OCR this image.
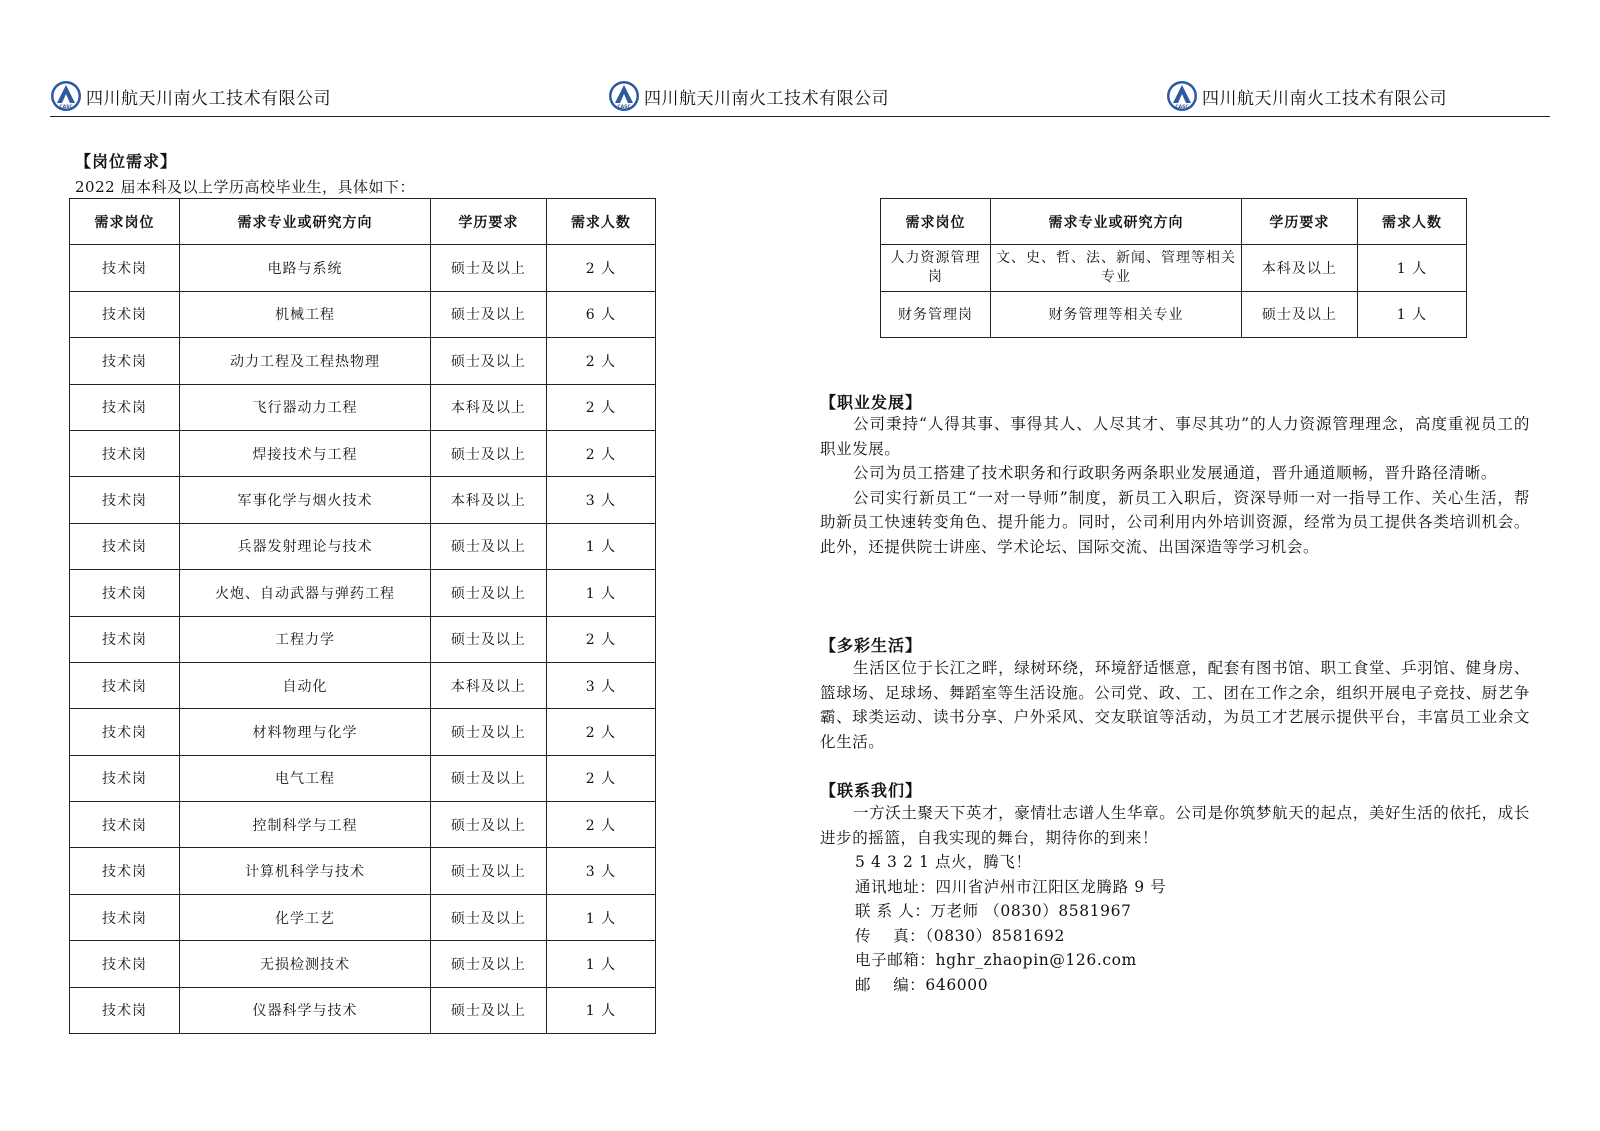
CASC 四川航天川南火工技术有限公司	CASC 四川航天川南火工技术有限公司	CASC 四川航天川南火工技术有限公司
【岗位需求】
2022 届本科及以上学历高校毕业生，具体如下：
需求岗位	需求专业或研究方向	学历要求	需求人数
技术岗	电路与系统	硕士及以上	2 人
技术岗	机械工程	硕士及以上	6 人
技术岗	动力工程及工程热物理	硕士及以上	2 人
技术岗	飞行器动力工程	本科及以上	2 人
技术岗	焊接技术与工程	硕士及以上	2 人
技术岗	军事化学与烟火技术	本科及以上	3 人
技术岗	兵器发射理论与技术	硕士及以上	1 人
技术岗	火炮、自动武器与弹药工程	硕士及以上	1 人
技术岗	工程力学	硕士及以上	2 人
技术岗	自动化	本科及以上	3 人
技术岗	材料物理与化学	硕士及以上	2 人
技术岗	电气工程	硕士及以上	2 人
技术岗	控制科学与工程	硕士及以上	2 人
技术岗	计算机科学与技术	硕士及以上	3 人
技术岗	化学工艺	硕士及以上	1 人
技术岗	无损检测技术	硕士及以上	1 人
技术岗	仪器科学与技术	硕士及以上	1 人
需求岗位	需求专业或研究方向	学历要求	需求人数
人力资源管理岗	文、史、哲、法、新闻、管理等相关专业	本科及以上	1 人
财务管理岗	财务管理等相关专业	硕士及以上	1 人
【职业发展】

公司秉持“人得其事、事得其人、人尽其才、事尽其功”的人力资源管理理念，高度重视员工的职业发展。

公司为员工搭建了技术职务和行政职务两条职业发展通道，晋升通道顺畅，晋升路径清晰。

公司实行新员工“一对一导师”制度，新员工入职后，资深导师一对一指导工作、关心生活，帮助新员工快速转变角色、提升能力。同时，公司利用内外培训资源，经常为员工提供各类培训机会。此外，还提供院士讲座、学术论坛、国际交流、出国深造等学习机会。

【多彩生活】

生活区位于长江之畔，绿树环绕，环境舒适惬意，配套有图书馆、职工食堂、乒羽馆、健身房、篮球场、足球场、舞蹈室等生活设施。公司党、政、工、团在工作之余，组织开展电子竞技、厨艺争霸、球类运动、读书分享、户外采风、交友联谊等活动，为员工才艺展示提供平台，丰富员工业余文化生活。

【联系我们】

一方沃土聚天下英才，豪情壮志谱人生华章。公司是你筑梦航天的起点，美好生活的依托，成长进步的摇篮，自我实现的舞台，期待你的到来！

5 4 3 2 1 点火，腾飞！
通讯地址：四川省泸州市江阳区龙腾路 9 号
联 系 人：万老师 （0830）8581967
传    真：（0830）8581692
电子邮箱：hghr_zhaopin@126.com
邮    编：646000
